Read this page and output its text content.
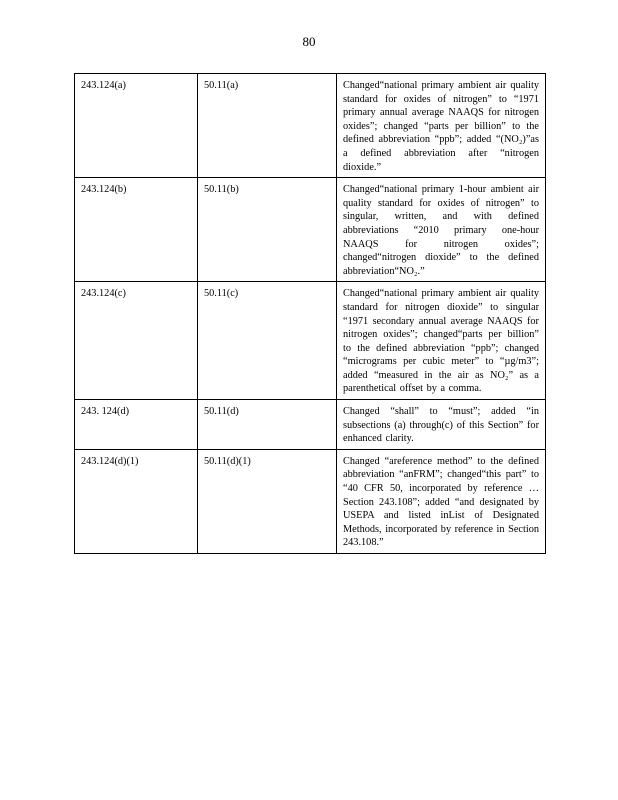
80
243.124(a)	50.11(a)	Changed“national primary ambient air quality standard for oxides of nitrogen” to “1971 primary annual average NAAQS for nitrogen oxides”; changed “parts per billion” to the defined abbreviation “ppb”; added “(NO₂)”as a defined abbreviation after “nitrogen dioxide.”
243.124(b)	50.11(b)	Changed“national primary 1-hour ambient air quality standard for oxides of nitrogen” to singular, written, and with defined abbreviations “2010 primary one-hour NAAQS for nitrogen oxides”; changed“nitrogen dioxide” to the defined abbreviation“NO₂.”
243.124(c)	50.11(c)	Changed“national primary ambient air quality standard for nitrogen dioxide” to singular “1971 secondary annual average NAAQS for nitrogen oxides”; changed“parts per billion” to the defined abbreviation “ppb”; changed “micrograms per cubic meter” to “µg/m3”; added “measured in the air as NO₂” as a parenthetical offset by a comma.
243. 124(d)	50.11(d)	Changed “shall” to “must”; added “in subsections (a) through(c) of this Section” for enhanced clarity.
243.124(d)(1)	50.11(d)(1)	Changed “areference method” to the defined abbreviation “anFRM”; changed“this part” to “40 CFR 50, incorporated by reference … Section 243.108”; added “and designated by USEPA and listed inList of Designated Methods, incorporated by reference in Section 243.108.”
